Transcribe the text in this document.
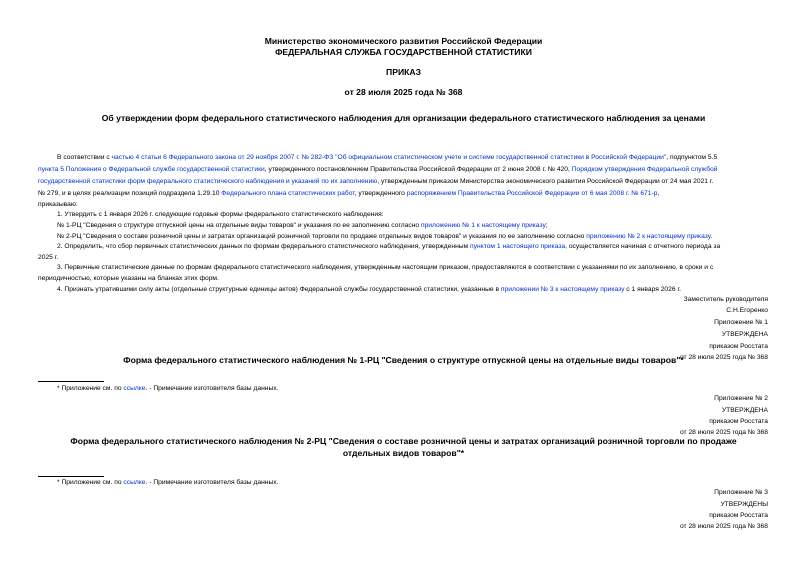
Министерство экономического развития Российской Федерации
ФЕДЕРАЛЬНАЯ СЛУЖБА ГОСУДАРСТВЕННОЙ СТАТИСТИКИ
ПРИКАЗ
от 28 июля 2025 года № 368
Об утверждении форм федерального статистического наблюдения для организации федерального статистического наблюдения за ценами
В соответствии с частью 4 статьи 6 Федерального закона от 29 ноября 2007 г. № 282-ФЗ "Об официальном статистическом учете и системе государственной статистики в Российской Федерации", подпунктом 5.5
пункта 5 Положения о Федеральной службе государственной статистики, утвержденного постановлением Правительства Российской Федерации от 2 июня 2008 г. № 420, Порядком утверждения Федеральной службой
государственной статистики форм федерального статистического наблюдения и указаний по их заполнению, утвержденным приказом Министерства экономического развития Российской Федерации от 24 мая 2021 г.
№ 279, и в целях реализации позиций подраздела 1.29.10 Федерального плана статистических работ, утвержденного распоряжением Правительства Российской Федерации от 6 мая 2008 г. № 671-р,
приказываю:
1. Утвердить с 1 января 2026 г. следующие годовые формы федерального статистического наблюдения:
№ 1-РЦ "Сведения о структуре отпускной цены на отдельные виды товаров" и указания по ее заполнению согласно приложению № 1 к настоящему приказу;
№ 2-РЦ "Сведения о составе розничной цены и затратах организаций розничной торговли по продаже отдельных видов товаров" и указания по ее заполнению согласно приложению № 2 к настоящему приказу.
2. Определить, что сбор первичных статистических данных по формам федерального статистического наблюдения, утвержденным пунктом 1 настоящего приказа, осуществляется начиная с отчетного периода за
2025 г.
3. Первичные статистические данные по формам федерального статистического наблюдения, утвержденным настоящим приказом, предоставляются в соответствии с указаниями по их заполнению, в сроки и с
периодичностью, которые указаны на бланках этих форм.
4. Признать утратившими силу акты (отдельные структурные единицы актов) Федеральной службы государственной статистики, указанные в приложении № 3 к настоящему приказу с 1 января 2026 г.
Заместитель руководителя
С.Н.Егоренко
Приложение № 1
УТВЕРЖДЕНА
приказом Росстата
от 28 июля 2025 года № 368
Форма федерального статистического наблюдения № 1-РЦ "Сведения о структуре отпускной цены на отдельные виды товаров"*
* Приложение см. по ссылке. - Примечание изготовителя базы данных.
Приложение № 2
УТВЕРЖДЕНА
приказом Росстата
от 28 июля 2025 года № 368
Форма федерального статистического наблюдения № 2-РЦ "Сведения о составе розничной цены и затратах организаций розничной торговли по продаже
отдельных видов товаров"*
* Приложение см. по ссылке. - Примечание изготовителя базы данных.
Приложение № 3
УТВЕРЖДЕНЫ
приказом Росстата
от 28 июля 2025 года № 368
